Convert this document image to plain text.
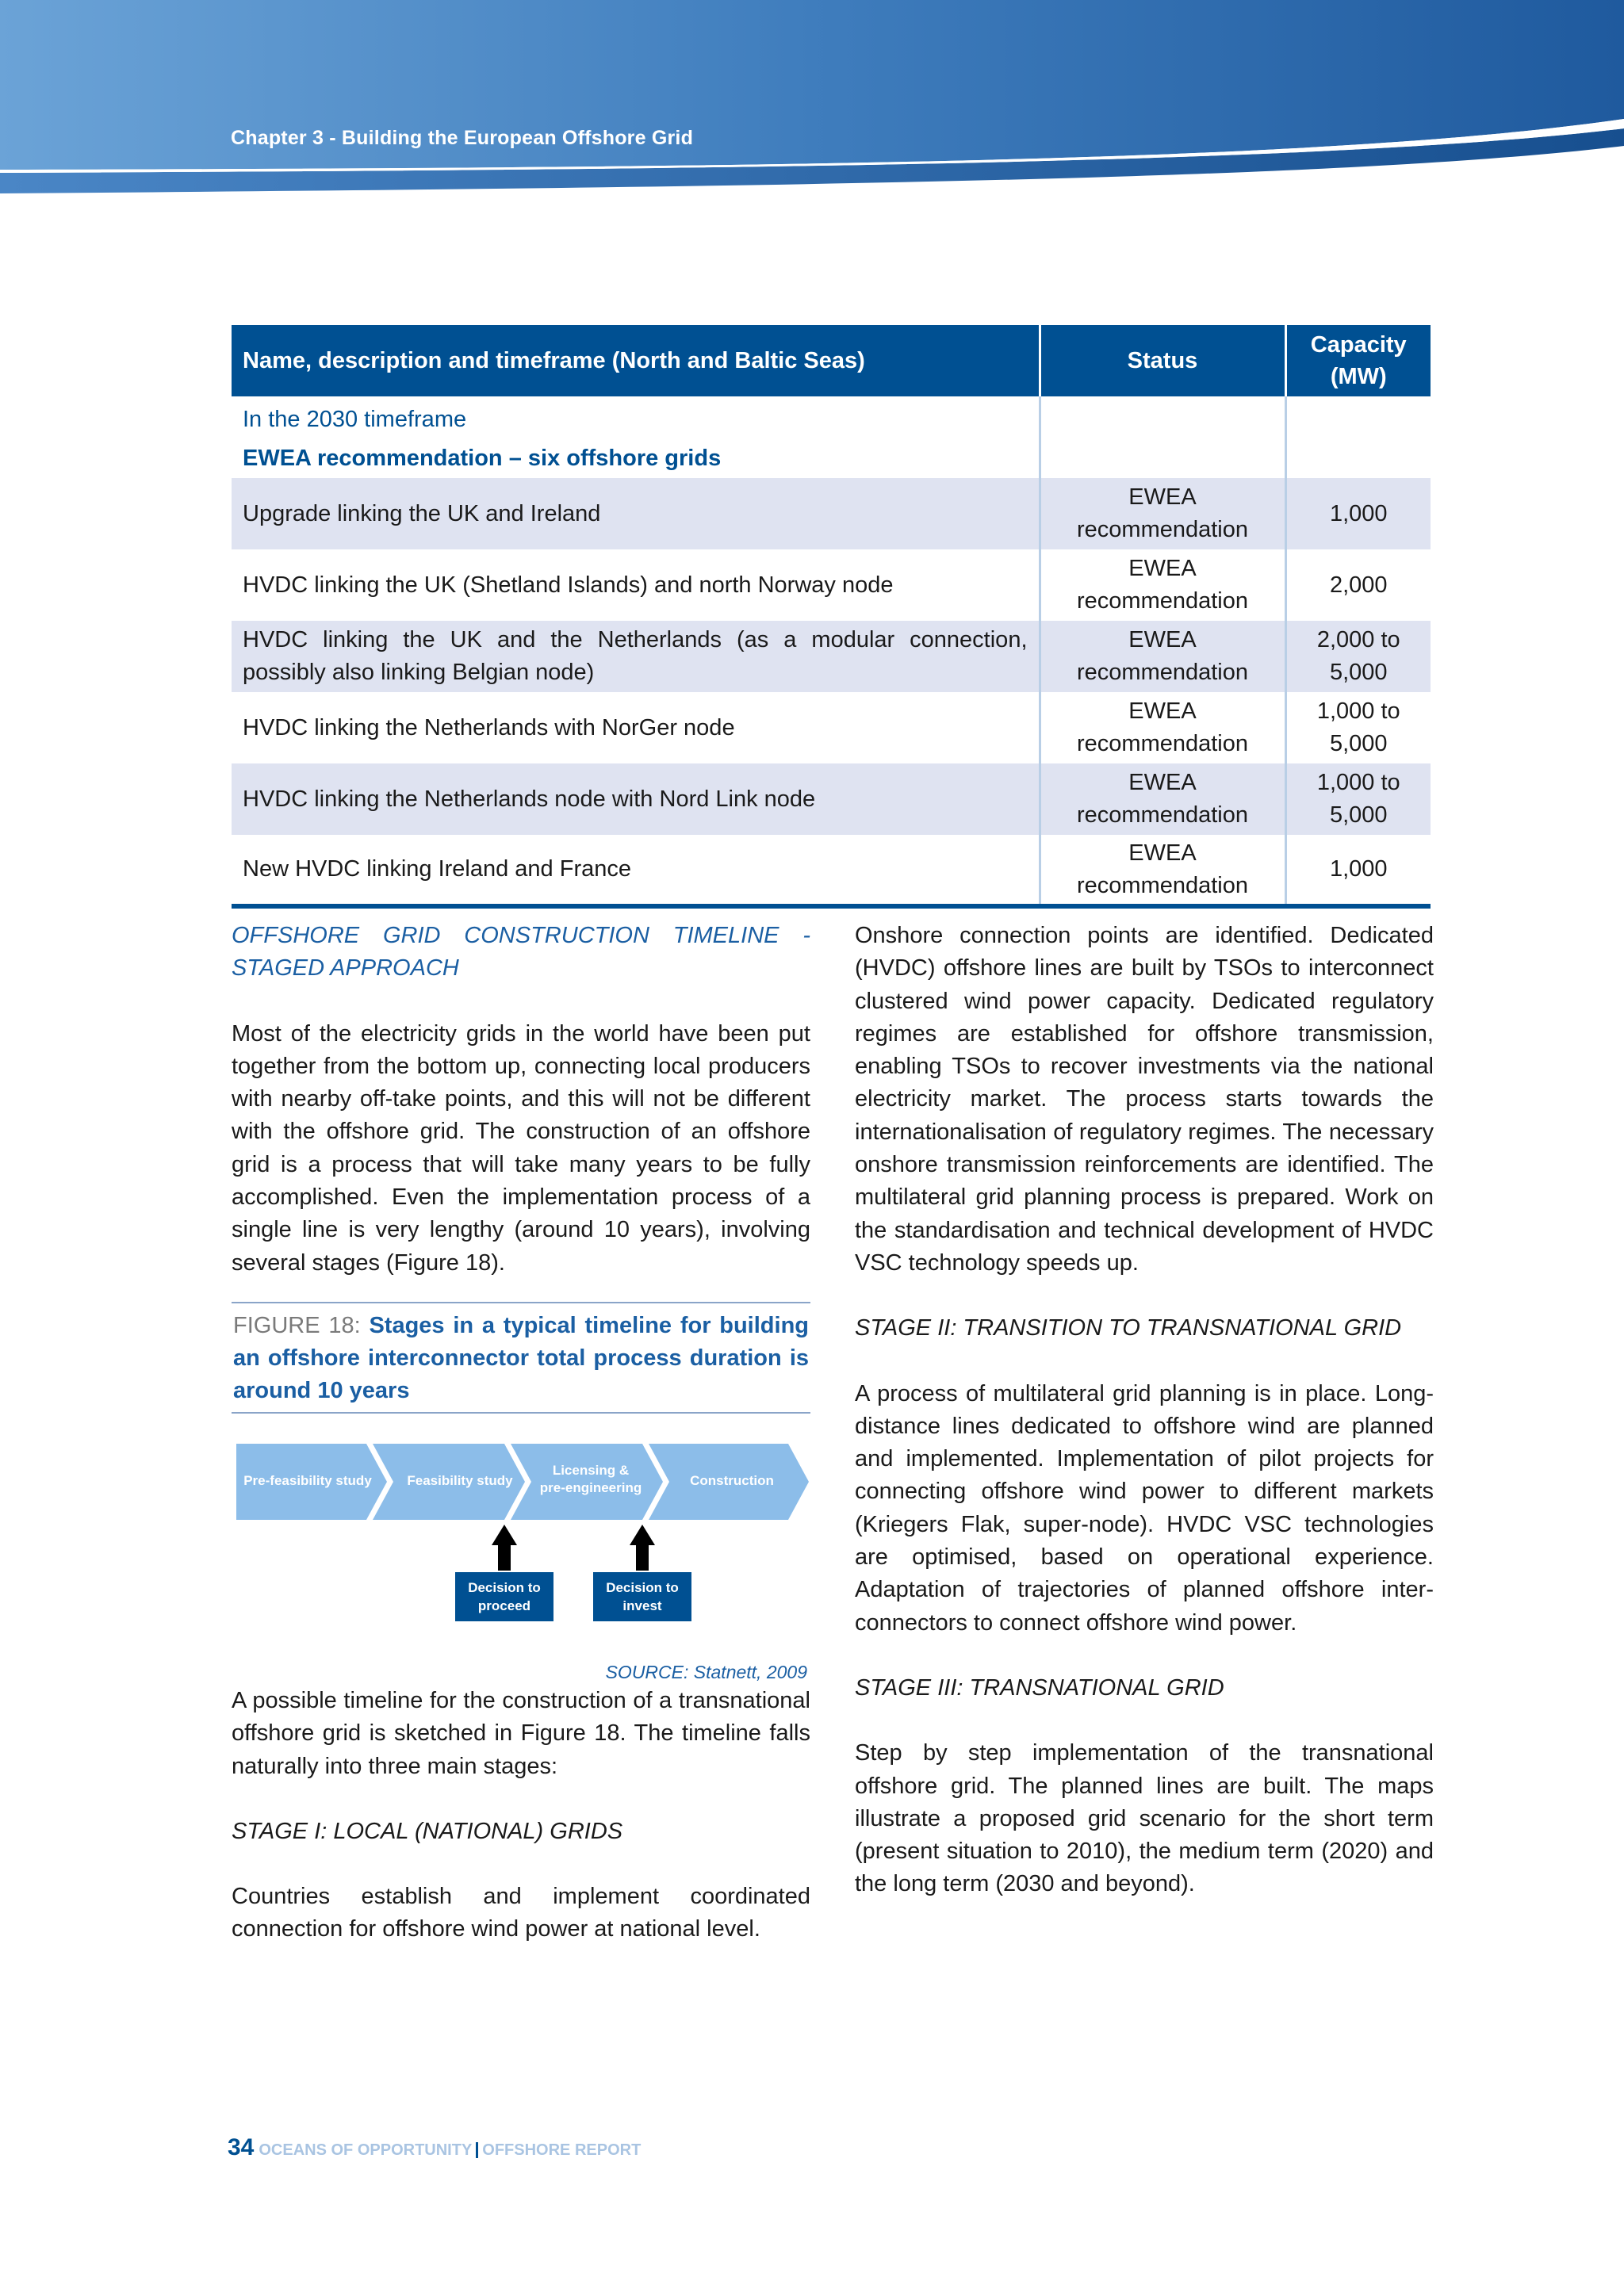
Chapter 3 - Building the European Offshore Grid
Name, description and timeframe (North and Baltic Seas)	Status	Capacity (MW)

In the 2030 timeframe
EWEA recommendation – six offshore grids		

Upgrade linking the UK and Ireland	EWEA recommendation	1,000
HVDC linking the UK (Shetland Islands) and north Norway node	EWEA recommendation	2,000
HVDC linking the UK and the Netherlands (as a modular connection, possibly also linking Belgian node)	EWEA recommendation	2,000 to 5,000
HVDC linking the Netherlands with NorGer node	EWEA recommendation	1,000 to 5,000
HVDC linking the Netherlands node with Nord Link node	EWEA recommendation	1,000 to 5,000
New HVDC linking Ireland and France	EWEA recommendation	1,000

OFFSHORE GRID CONSTRUCTION TIMELINE - STAGED APPROACH

Most of the electricity grids in the world have been put together from the bottom up, connecting local producers with nearby off-take points, and this will not be different with the offshore grid. The construction of an offshore grid is a process that will take many years to be fully accomplished. Even the implementation process of a single line is very lengthy (around 10 years), involving several stages (Figure 18).

FIGURE 18: Stages in a typical timeline for building an offshore interconnector total process duration is around 10 years
Pre-feasibility study	Feasibility study
Licensing &
pre-engineering	Construction
Decision to
proceed
Decision to
invest
SOURCE: Statnett, 2009

A possible timeline for the construction of a transnational offshore grid is sketched in Figure 18. The timeline falls naturally into three main stages:

STAGE I: LOCAL (NATIONAL) GRIDS

Countries establish and implement coordinated connection for offshore wind power at national level.

Onshore connection points are identified. Dedicated (HVDC) offshore lines are built by TSOs to interconnect clustered wind power capacity. Dedicated regulatory regimes are established for offshore transmission, enabling TSOs to recover investments via the national electricity market. The process starts towards the internationalisation of regulatory regimes. The necessary onshore transmission reinforcements are identified. The multilateral grid planning process is prepared. Work on the standardisation and technical development of HVDC VSC technology speeds up.

STAGE II: TRANSITION TO TRANSNATIONAL GRID

A process of multilateral grid planning is in place. Long-distance lines dedicated to offshore wind are planned and implemented. Implementation of pilot projects for connecting offshore wind power to different markets (Kriegers Flak, super-node). HVDC VSC technologies are optimised, based on operational experience. Adaptation of trajectories of planned offshore interconnectors to connect offshore wind power.

STAGE III: TRANSNATIONAL GRID

Step by step implementation of the transnational offshore grid. The planned lines are built. The maps illustrate a proposed grid scenario for the short term (present situation to 2010), the medium term (2020) and the long term (2030 and beyond).

34 OCEANS OF OPPORTUNITY OFFSHORE REPORT
